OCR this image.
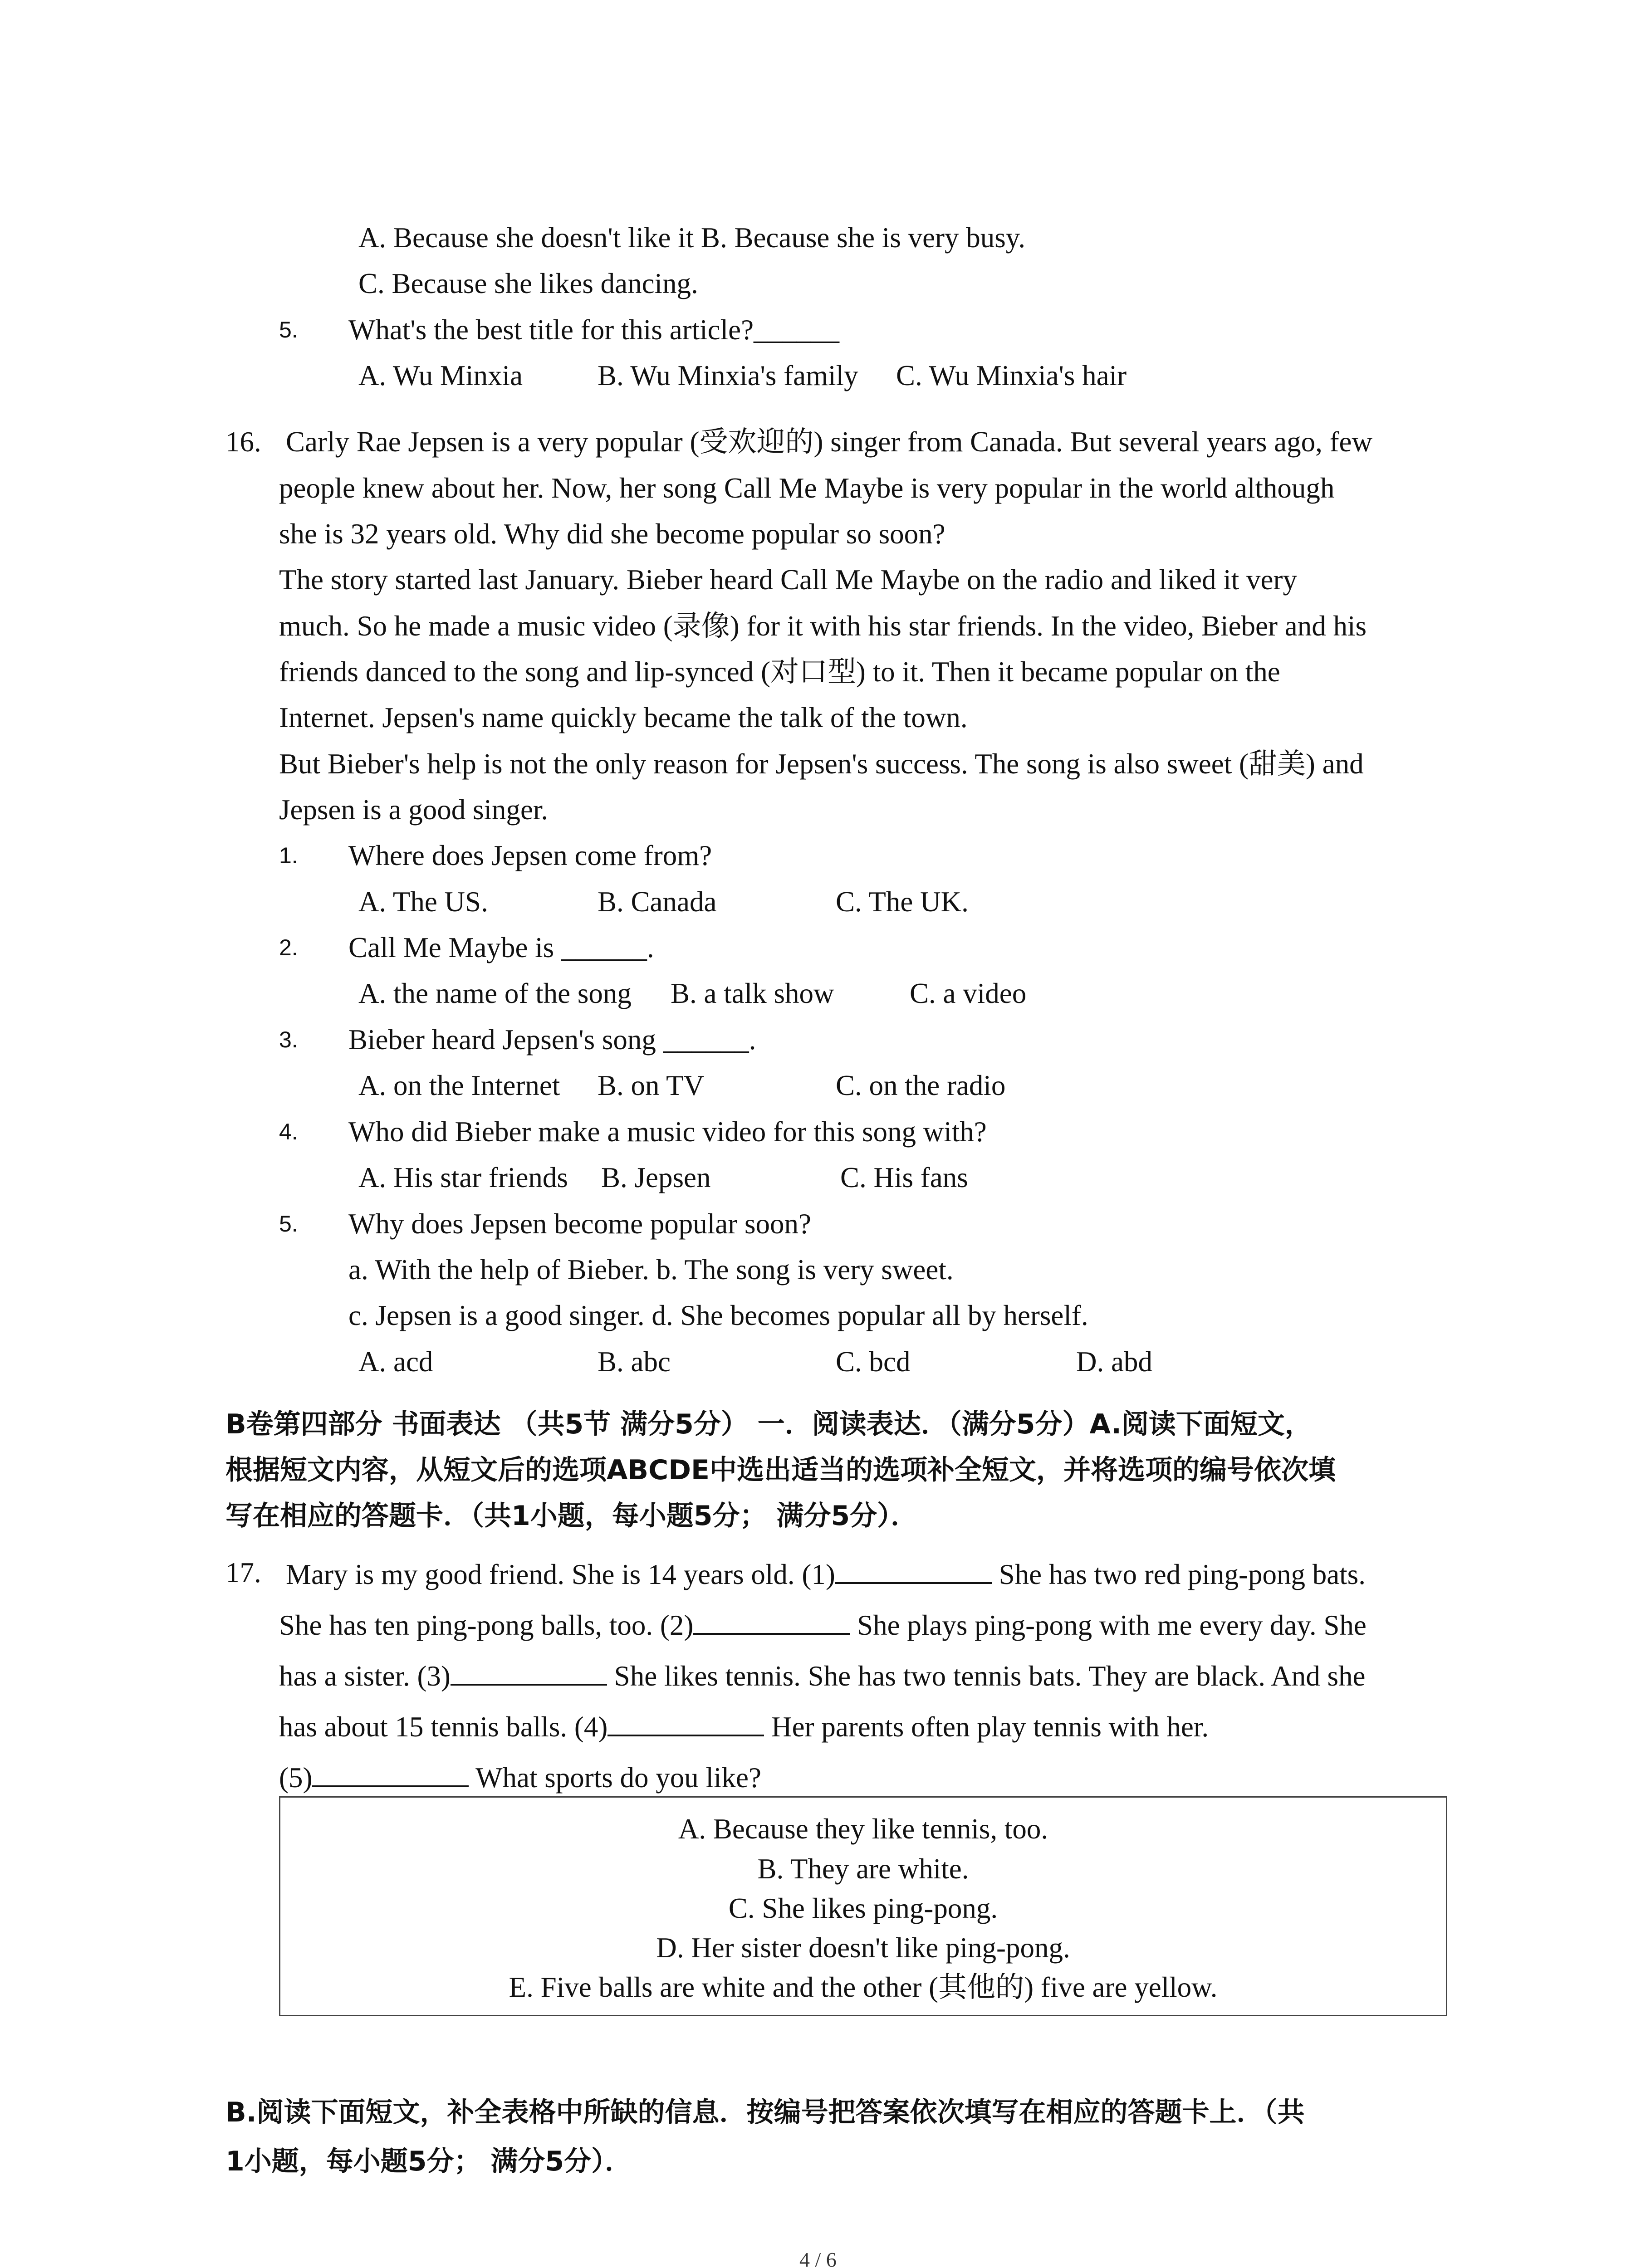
A. Because she doesn't like it B. Because she is very busy.
C. Because she likes dancing.
5. What's the best title for this article?______
A. Wu Minxia	B. Wu Minxia's family C. Wu Minxia's hair
16. Carly Rae Jepsen is a very popular (受欢迎的) singer from Canada. But several years ago, few
people knew about her. Now, her song Call Me Maybe is very popular in the world although
she is 32 years old. Why did she become popular so soon?
The story started last January. Bieber heard Call Me Maybe on the radio and liked it very
much. So he made a music video (录像) for it with his star friends. In the video, Bieber and his
friends danced to the song and lip-synced (对口型) to it. Then it became popular on the
Internet. Jepsen's name quickly became the talk of the town.
But Bieber's help is not the only reason for Jepsen's success. The song is also sweet (甜美) and
Jepsen is a good singer.
1. Where does Jepsen come from?
A. The US.	B. Canada	C. The UK.
2. Call Me Maybe is ______.
A. the name of the song B. a talk show	C. a video
3. Bieber heard Jepsen's song ______.
A. on the Internet B. on TV	C. on the radio
4. Who did Bieber make a music video for this song with?
A. His star friends B. Jepsen	C. His fans
5. Why does Jepsen become popular soon?
a. With the help of Bieber. b. The song is very sweet.
c. Jepsen is a good singer. d. She becomes popular all by herself.
A. acd	B. abc	C. bcd	D. abd
B卷第四部分 书面表达 （共5节 满分5分） 一．阅读表达．（满分5分）A.阅读下面短文，
根据短文内容，从短文后的选项ABCDE中选出适当的选项补全短文，并将选项的编号依次填
写在相应的答题卡．（共1小题，每小题5分； 满分5分）．
17. Mary is my good friend. She is 14 years old. (1)	She has two red ping-pong bats.
She has ten ping-pong balls, too. (2)	She plays ping-pong with me every day. She
has a sister. (3)	She likes tennis. She has two tennis bats. They are black. And she
has about 15 tennis balls. (4)	Her parents often play tennis with her.
(5)	What sports do you like?
A. Because they like tennis, too.
B. They are white.
C. She likes ping-pong.
D. Her sister doesn't like ping-pong.
E. Five balls are white and the other (其他的) five are yellow.
B.阅读下面短文，补全表格中所缺的信息．按编号把答案依次填写在相应的答题卡上．（共
1小题，每小题5分； 满分5分）．
4 / 6
